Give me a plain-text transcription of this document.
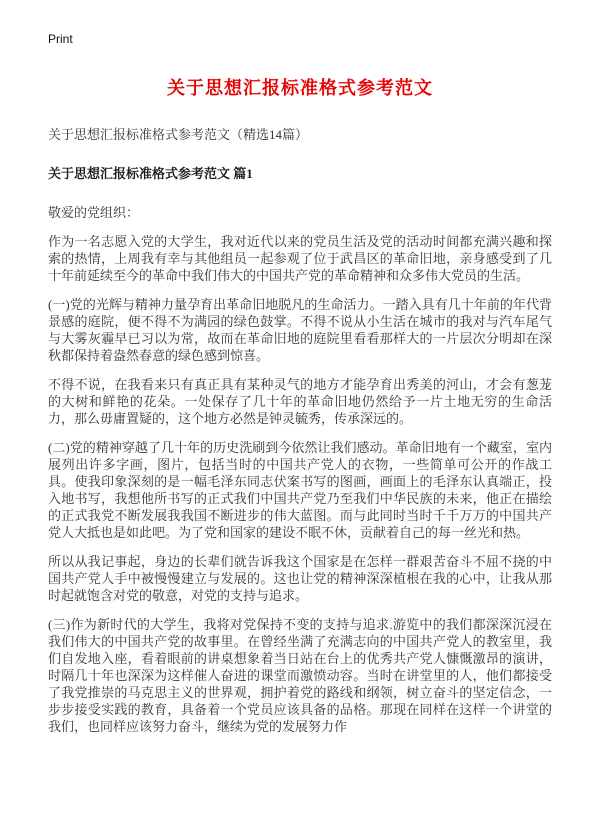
Print
关于思想汇报标准格式参考范文
关于思想汇报标准格式参考范文（精选14篇）
关于思想汇报标准格式参考范文 篇1
敬爱的党组织：

作为一名志愿入党的大学生，我对近代以来的党员生活及党的活动时间都充满兴趣和探索的热情，上周我有幸与其他组员一起参观了位于武昌区的革命旧地，亲身感受到了几十年前延续至今的革命中我们伟大的中国共产党的革命精神和众多伟大党员的生活。

(一)党的光辉与精神力量孕育出革命旧地脱凡的生命活力。一踏入具有几十年前的年代背景感的庭院，便不得不为满园的绿色鼓掌。不得不说从小生活在城市的我对与汽车尾气与大雾灰霾早已习以为常，故而在革命旧地的庭院里看看那样大的一片层次分明却在深秋都保持着盎然春意的绿色感到惊喜。

不得不说，在我看来只有真正具有某种灵气的地方才能孕育出秀美的河山，才会有葱茏的大树和鲜艳的花朵。一处保存了几十年的革命旧地仍然给予一片土地无穷的生命活力，那么毋庸置疑的，这个地方必然是钟灵毓秀，传承深远的。

(二)党的精神穿越了几十年的历史洗刷到今依然让我们感动。革命旧地有一个藏室，室内展列出许多字画，图片，包括当时的中国共产党人的衣物，一些简单可公开的作战工具。使我印象深刻的是一幅毛泽东同志伏案书写的图画，画面上的毛泽东认真端正，投入地书写，我想他所书写的正式我们中国共产党乃至我们中华民族的未来，他正在描绘的正式我党不断发展我我国不断进步的伟大蓝图。而与此同时当时千千万万的中国共产党人大抵也是如此吧。为了党和国家的建设不眠不休，贡献着自己的每一丝光和热。

所以从我记事起，身边的长辈们就告诉我这个国家是在怎样一群艰苦奋斗不屈不挠的中国共产党人手中被慢慢建立与发展的。这也让党的精神深深植根在我的心中，让我从那时起就饱含对党的敬意，对党的支持与追求。

(三)作为新时代的大学生，我将对党保持不变的支持与追求.游览中的我们都深深沉浸在我们伟大的中国共产党的故事里。在曾经坐满了充满志向的中国共产党人的教室里，我们自发地入座，看着眼前的讲桌想象着当日站在台上的优秀共产党人慷慨激昂的演讲，时隔几十年也深深为这样催人奋进的课堂而激愤动容。当时在讲堂里的人，他们都接受了我党推崇的马克思主义的世界观，拥护着党的路线和纲领，树立奋斗的坚定信念，一步步接受实践的教育，具备着一个党员应该具备的品格。那现在同样在这样一个讲堂的我们，也同样应该努力奋斗，继续为党的发展努力作
